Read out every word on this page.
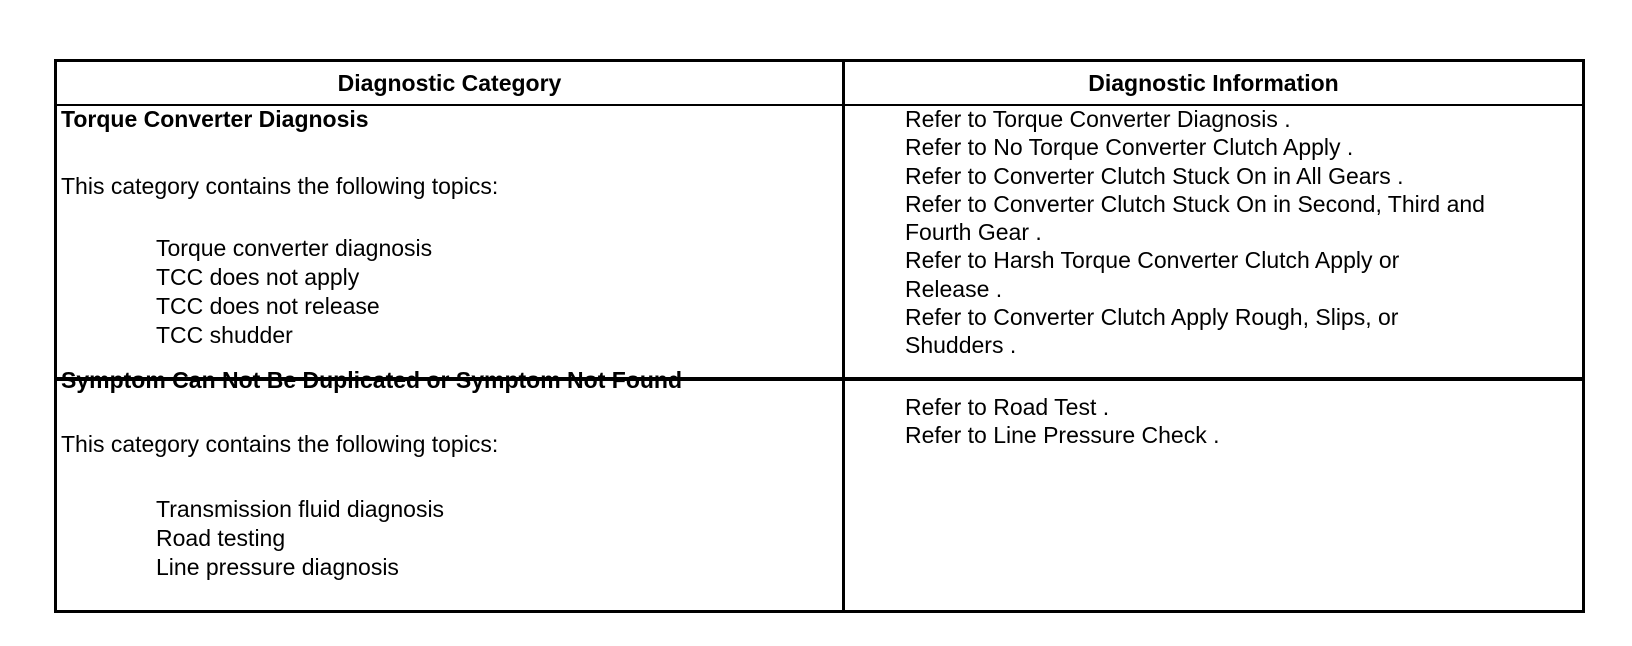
Diagnostic Category	Diagnostic Information
Torque Converter Diagnosis
This category contains the following topics:
Torque converter diagnosis
TCC does not apply
TCC does not release
TCC shudder
Refer to Torque Converter Diagnosis .
Refer to No Torque Converter Clutch Apply .
Refer to Converter Clutch Stuck On in All Gears .
Refer to Converter Clutch Stuck On in Second, Third and Fourth Gear .
Refer to Harsh Torque Converter Clutch Apply or Release .
Refer to Converter Clutch Apply Rough, Slips, or Shudders .
Symptom Can Not Be Duplicated or Symptom Not Found
This category contains the following topics:
Transmission fluid diagnosis
Road testing
Line pressure diagnosis
Refer to Road Test .
Refer to Line Pressure Check .
